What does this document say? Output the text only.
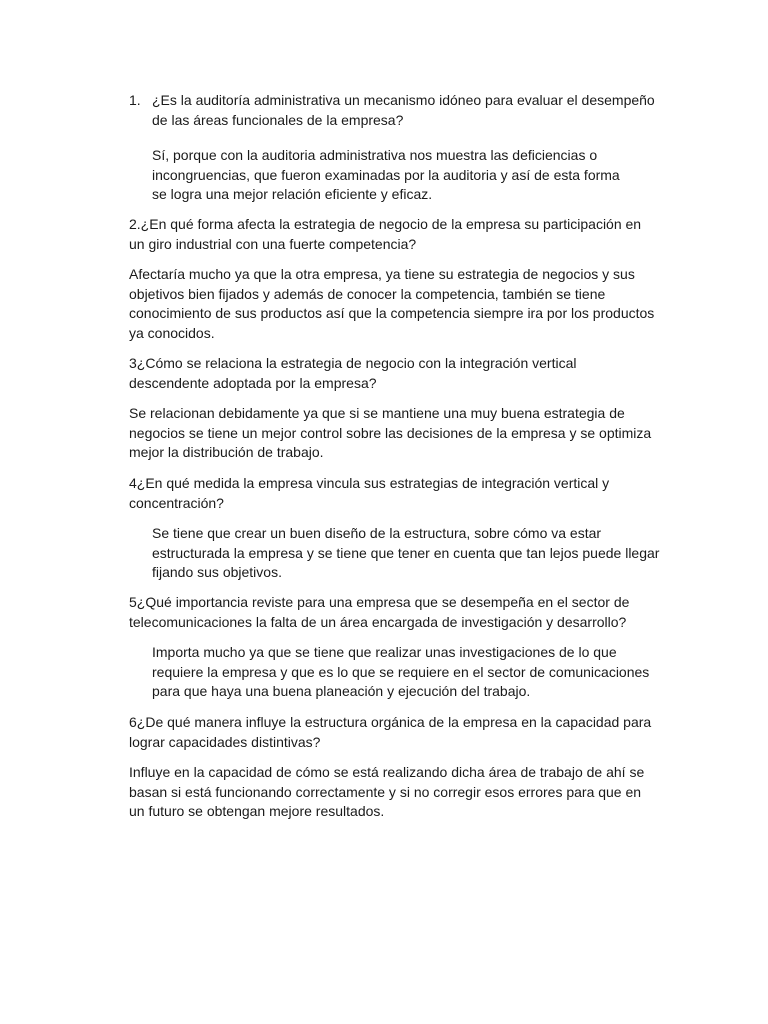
1. ¿Es la auditoría administrativa un mecanismo idóneo para evaluar el desempeño de las áreas funcionales de la empresa?

Sí, porque con la auditoria administrativa nos muestra las deficiencias o incongruencias, que fueron examinadas por la auditoria y así de esta forma se logra una mejor relación eficiente y eficaz.

2.¿En qué forma afecta la estrategia de negocio de la empresa su participación en un giro industrial con una fuerte competencia?

Afectaría mucho ya que la otra empresa, ya tiene su estrategia de negocios y sus objetivos bien fijados y además de conocer la competencia, también se tiene conocimiento de sus productos así que la competencia siempre ira por los productos ya conocidos.

3¿Cómo se relaciona la estrategia de negocio con la integración vertical descendente adoptada por la empresa?

Se relacionan debidamente ya que si se mantiene una muy buena estrategia de negocios se tiene un mejor control sobre las decisiones de la empresa y se optimiza mejor la distribución de trabajo.

4¿En qué medida la empresa vincula sus estrategias de integración vertical y concentración?

Se tiene que crear un buen diseño de la estructura, sobre cómo va estar estructurada la empresa y se tiene que tener en cuenta que tan lejos puede llegar fijando sus objetivos.

5¿Qué importancia reviste para una empresa que se desempeña en el sector de telecomunicaciones la falta de un área encargada de investigación y desarrollo?

Importa mucho ya que se tiene que realizar unas investigaciones de lo que requiere la empresa y que es lo que se requiere en el sector de comunicaciones para que haya una buena planeación y ejecución del trabajo.

6¿De qué manera influye la estructura orgánica de la empresa en la capacidad para lograr capacidades distintivas?

Influye en la capacidad de cómo se está realizando dicha área de trabajo de ahí se basan si está funcionando correctamente y si no corregir esos errores para que en un futuro se obtengan mejore resultados.
